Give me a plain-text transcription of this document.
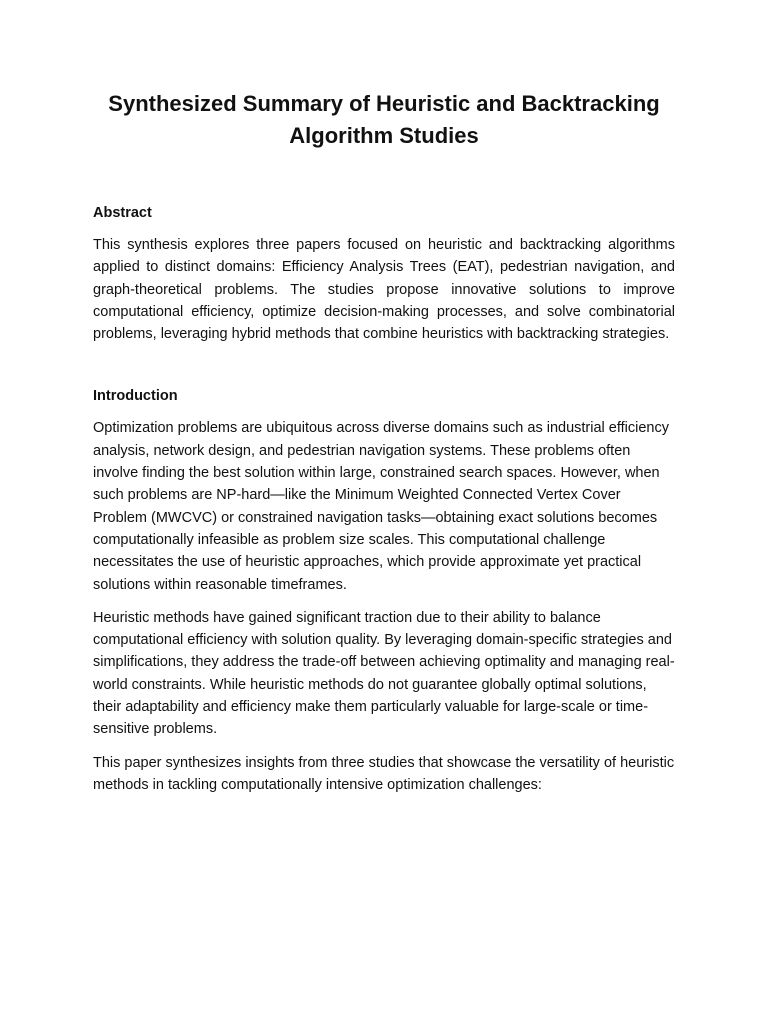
Synthesized Summary of Heuristic and Backtracking Algorithm Studies
Abstract

This synthesis explores three papers focused on heuristic and backtracking algorithms applied to distinct domains: Efficiency Analysis Trees (EAT), pedestrian navigation, and graph-theoretical problems. The studies propose innovative solutions to improve computational efficiency, optimize decision-making processes, and solve combinatorial problems, leveraging hybrid methods that combine heuristics with backtracking strategies.

Introduction

Optimization problems are ubiquitous across diverse domains such as industrial efficiency analysis, network design, and pedestrian navigation systems. These problems often involve finding the best solution within large, constrained search spaces. However, when such problems are NP-hard—like the Minimum Weighted Connected Vertex Cover Problem (MWCVC) or constrained navigation tasks—obtaining exact solutions becomes computationally infeasible as problem size scales. This computational challenge necessitates the use of heuristic approaches, which provide approximate yet practical solutions within reasonable timeframes.

Heuristic methods have gained significant traction due to their ability to balance computational efficiency with solution quality. By leveraging domain-specific strategies and simplifications, they address the trade-off between achieving optimality and managing real-world constraints. While heuristic methods do not guarantee globally optimal solutions, their adaptability and efficiency make them particularly valuable for large-scale or time-sensitive problems.

This paper synthesizes insights from three studies that showcase the versatility of heuristic methods in tackling computationally intensive optimization challenges:
